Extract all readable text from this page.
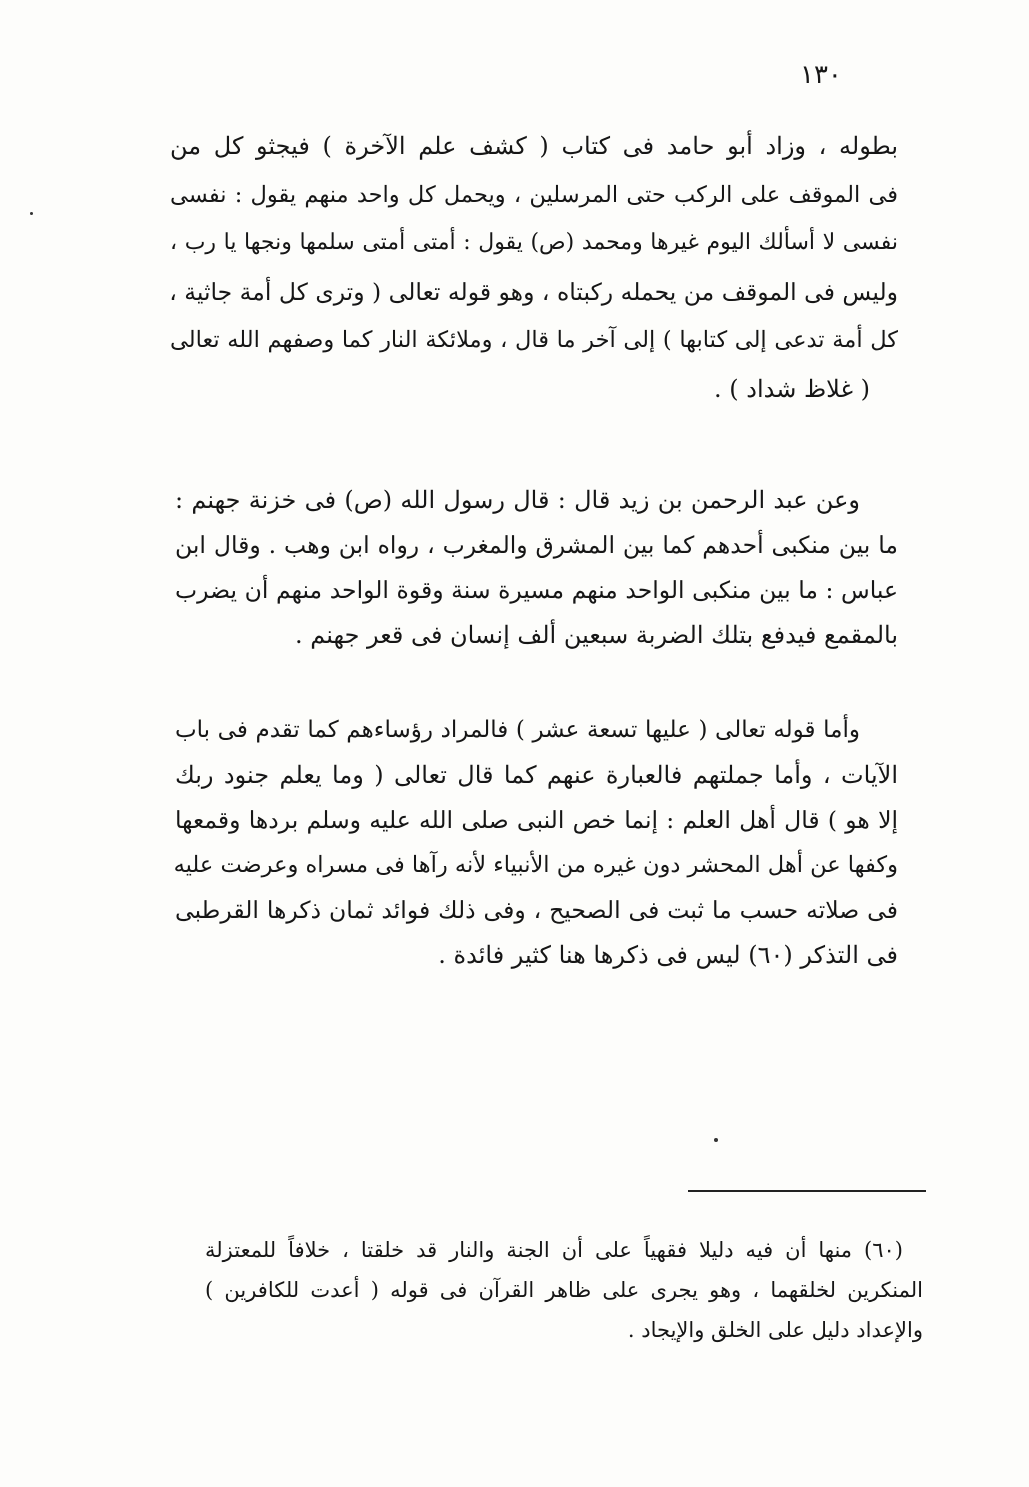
١٣٠
بطوله ، وزاد أبو حامد فى كتاب ( كشف علم الآخرة ) فيجثو كل من
فى الموقف على الركب حتى المرسلين ، ويحمل كل واحد منهم يقول : نفسى
نفسى لا أسألك اليوم غيرها ومحمد (ص) يقول : أمتى أمتى سلمها ونجها يا رب ،
وليس فى الموقف من يحمله ركبتاه ، وهو قوله تعالى ( وترى كل أمة جاثية ،
كل أمة تدعى إلى كتابها ) إلى آخر ما قال ، وملائكة النار كما وصفهم الله تعالى
( غلاظ شداد ) .
وعن عبد الرحمن بن زيد قال : قال رسول الله (ص) فى خزنة جهنم :
ما بين منكبى أحدهم كما بين المشرق والمغرب ، رواه ابن وهب . وقال ابن
عباس : ما بين منكبى الواحد منهم مسيرة سنة وقوة الواحد منهم أن يضرب
بالمقمع فيدفع بتلك الضربة سبعين ألف إنسان فى قعر جهنم .
وأما قوله تعالى ( عليها تسعة عشر ) فالمراد رؤساءهم كما تقدم فى باب
الآيات ، وأما جملتهم فالعبارة عنهم كما قال تعالى ( وما يعلم جنود ربك
إلا هو ) قال أهل العلم : إنما خص النبى صلى الله عليه وسلم بردها وقمعها
وكفها عن أهل المحشر دون غيره من الأنبياء لأنه رآها فى مسراه وعرضت عليه
فى صلاته حسب ما ثبت فى الصحيح ، وفى ذلك فوائد ثمان ذكرها القرطبى
فى التذكر (٦٠) ليس فى ذكرها هنا كثير فائدة .
(٦٠) منها أن فيه دليلا فقهياً على أن الجنة والنار قد خلقتا ، خلافاً للمعتزلة
المنكرين لخلقهما ، وهو يجرى على ظاهر القرآن فى قوله ( أعدت للكافرين )
والإعداد دليل على الخلق والإيجاد .
